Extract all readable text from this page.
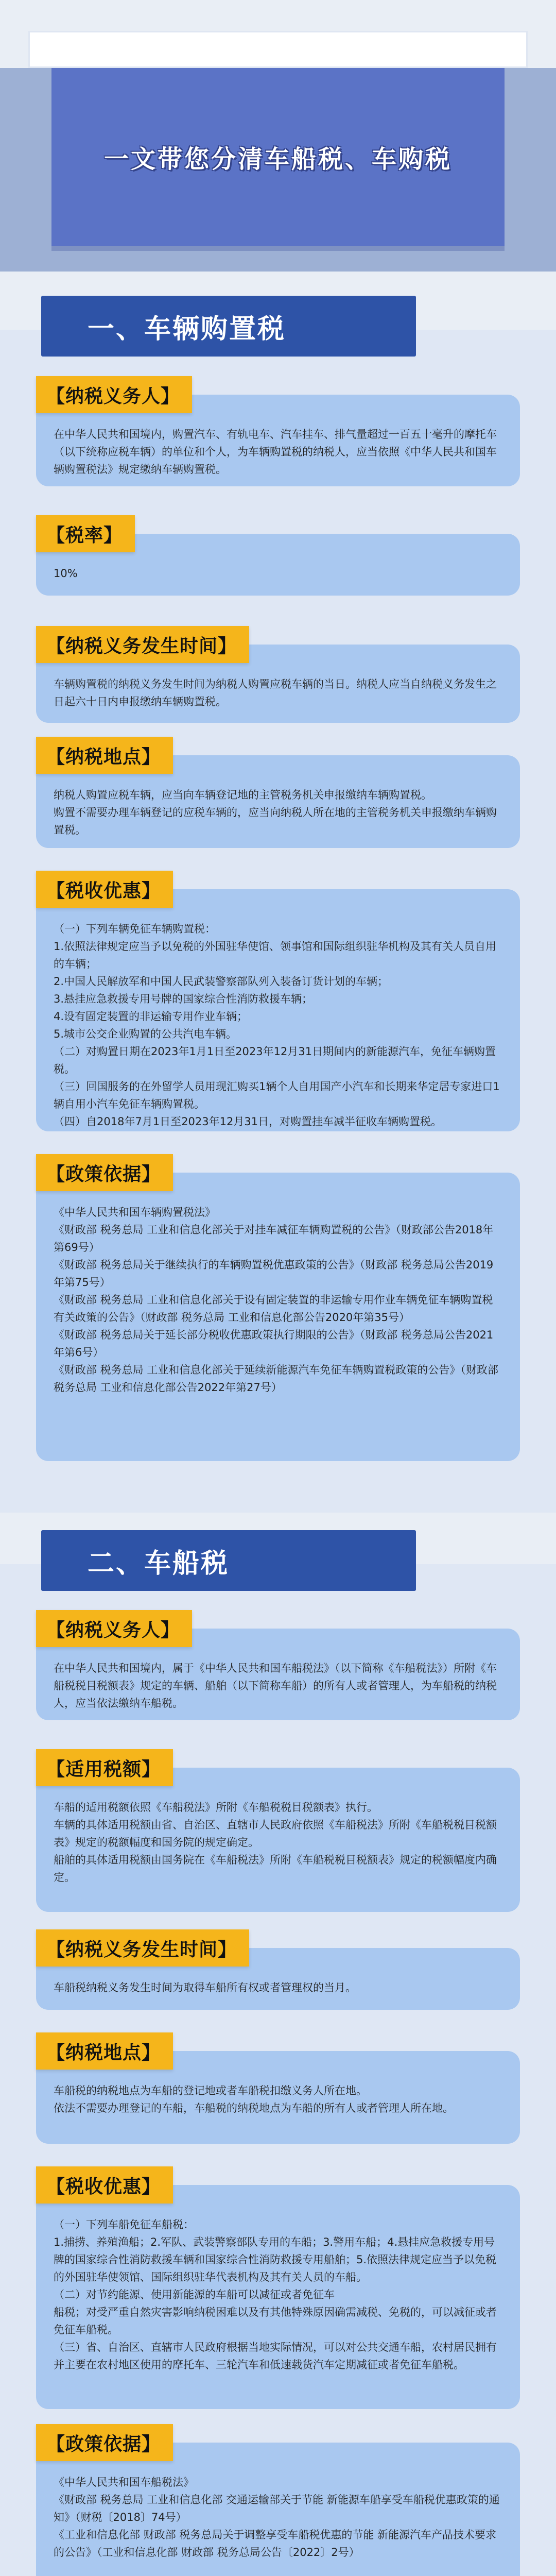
一文带您分清车船税、车购税
一、车辆购置税
【纳税义务人】

在中华人民共和国境内，购置汽车、有轨电车、汽车挂车、排气量超过一百五十毫升的摩托车（以下统称应税车辆）的单位和个人，为车辆购置税的纳税人，应当依照《中华人民共和国车辆购置税法》规定缴纳车辆购置税。

【税率】

10%

【纳税义务发生时间】

车辆购置税的纳税义务发生时间为纳税人购置应税车辆的当日。纳税人应当自纳税义务发生之日起六十日内申报缴纳车辆购置税。

【纳税地点】

纳税人购置应税车辆，应当向车辆登记地的主管税务机关申报缴纳车辆购置税。

购置不需要办理车辆登记的应税车辆的，应当向纳税人所在地的主管税务机关申报缴纳车辆购置税。

【税收优惠】

（一）下列车辆免征车辆购置税：

1.依照法律规定应当予以免税的外国驻华使馆、领事馆和国际组织驻华机构及其有关人员自用的车辆；

2.中国人民解放军和中国人民武装警察部队列入装备订货计划的车辆；

3.悬挂应急救援专用号牌的国家综合性消防救援车辆；

4.设有固定装置的非运输专用作业车辆；

5.城市公交企业购置的公共汽电车辆。

（二）对购置日期在2023年1月1日至2023年12月31日期间内的新能源汽车，免征车辆购置税。

（三）回国服务的在外留学人员用现汇购买1辆个人自用国产小汽车和长期来华定居专家进口1辆自用小汽车免征车辆购置税。

（四）自2018年7月1日至2023年12月31日，对购置挂车减半征收车辆购置税。

【政策依据】

《中华人民共和国车辆购置税法》

《财政部 税务总局 工业和信息化部关于对挂车减征车辆购置税的公告》（财政部公告2018年第69号）

《财政部 税务总局关于继续执行的车辆购置税优惠政策的公告》（财政部 税务总局公告2019年第75号）

《财政部 税务总局 工业和信息化部关于设有固定装置的非运输专用作业车辆免征车辆购置税有关政策的公告》（财政部 税务总局 工业和信息化部公告2020年第35号）

《财政部 税务总局关于延长部分税收优惠政策执行期限的公告》（财政部 税务总局公告2021年第6号）

《财政部 税务总局 工业和信息化部关于延续新能源汽车免征车辆购置税政策的公告》（财政部 税务总局 工业和信息化部公告2022年第27号）

二、车船税
【纳税义务人】

在中华人民共和国境内，属于《中华人民共和国车船税法》（以下简称《车船税法》）所附《车船税税目税额表》规定的车辆、船舶（以下简称车船）的所有人或者管理人，为车船税的纳税人，应当依法缴纳车船税。

【适用税额】

车船的适用税额依照《车船税法》所附《车船税税目税额表》执行。

车辆的具体适用税额由省、自治区、直辖市人民政府依照《车船税法》所附《车船税税目税额表》规定的税额幅度和国务院的规定确定。

船舶的具体适用税额由国务院在《车船税法》所附《车船税税目税额表》规定的税额幅度内确定。

【纳税义务发生时间】

车船税纳税义务发生时间为取得车船所有权或者管理权的当月。

【纳税地点】

车船税的纳税地点为车船的登记地或者车船税扣缴义务人所在地。

依法不需要办理登记的车船，车船税的纳税地点为车船的所有人或者管理人所在地。

【税收优惠】

（一）下列车船免征车船税：

1.捕捞、养殖渔船；2.军队、武装警察部队专用的车船；3.警用车船；4.悬挂应急救援专用号牌的国家综合性消防救援车辆和国家综合性消防救援专用船舶；5.依照法律规定应当予以免税的外国驻华使领馆、国际组织驻华代表机构及其有关人员的车船。

（二）对节约能源、使用新能源的车船可以减征或者免征车

船税；对受严重自然灾害影响纳税困难以及有其他特殊原因确需减税、免税的，可以减征或者免征车船税。

（三）省、自治区、直辖市人民政府根据当地实际情况，可以对公共交通车船，农村居民拥有并主要在农村地区使用的摩托车、三轮汽车和低速载货汽车定期减征或者免征车船税。

【政策依据】

《中华人民共和国车船税法》

《财政部 税务总局 工业和信息化部 交通运输部关于节能 新能源车船享受车船税优惠政策的通知》（财税〔2018〕74号）

《工业和信息化部 财政部 税务总局关于调整享受车船税优惠的节能 新能源汽车产品技术要求的公告》（工业和信息化部 财政部 税务总局公告〔2022〕2号）
